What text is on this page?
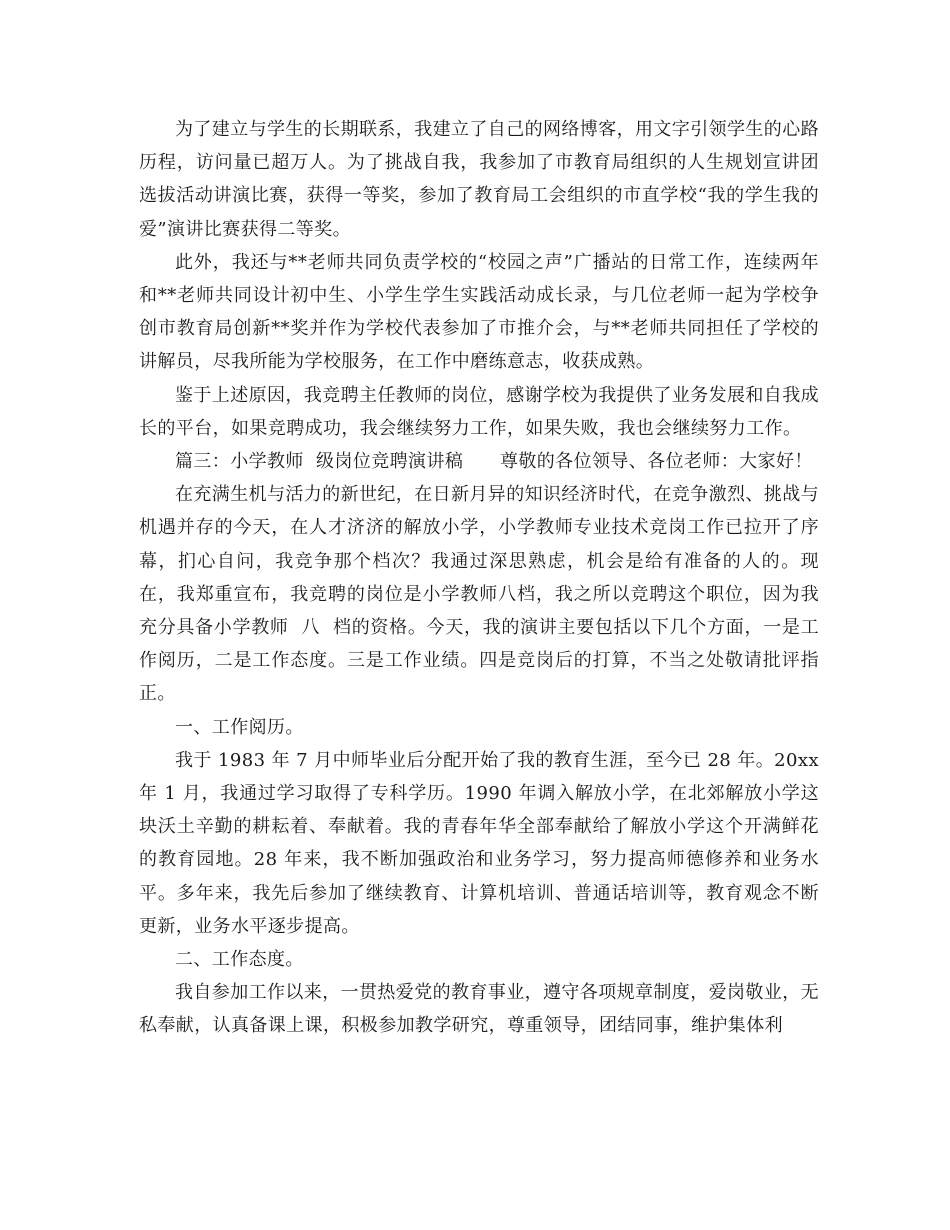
为了建立与学生的长期联系，我建立了自己的网络博客，用文字引领学生的心路历程，访问量已超万人。为了挑战自我，我参加了市教育局组织的人生规划宣讲团选拔活动讲演比赛，获得一等奖，参加了教育局工会组织的市直学校“我的学生我的爱”演讲比赛获得二等奖。

此外，我还与**老师共同负责学校的“校园之声”广播站的日常工作，连续两年和**老师共同设计初中生、小学生学生实践活动成长录，与几位老师一起为学校争创市教育局创新**奖并作为学校代表参加了市推介会，与**老师共同担任了学校的讲解员，尽我所能为学校服务，在工作中磨练意志，收获成熟。

鉴于上述原因，我竞聘主任教师的岗位，感谢学校为我提供了业务发展和自我成长的平台，如果竞聘成功，我会继续努力工作，如果失败，我也会继续努力工作。

篇三：小学教师  级岗位竞聘演讲稿      尊敬的各位领导、各位老师：大家好！

在充满生机与活力的新世纪，在日新月异的知识经济时代，在竞争激烈、挑战与机遇并存的今天，在人才济济的解放小学，小学教师专业技术竞岗工作已拉开了序幕，扪心自问，我竞争那个档次？我通过深思熟虑，机会是给有准备的人的。现在，我郑重宣布，我竞聘的岗位是小学教师八档，我之所以竞聘这个职位，因为我充分具备小学教师  八  档的资格。今天，我的演讲主要包括以下几个方面，一是工作阅历，二是工作态度。三是工作业绩。四是竞岗后的打算，不当之处敬请批评指正。

一、工作阅历。

我于 1983 年 7 月中师毕业后分配开始了我的教育生涯，至今已 28 年。20xx 年 1 月，我通过学习取得了专科学历。1990 年调入解放小学，在北郊解放小学这块沃土辛勤的耕耘着、奉献着。我的青春年华全部奉献给了解放小学这个开满鲜花的教育园地。28 年来，我不断加强政治和业务学习，努力提高师德修养和业务水平。多年来，我先后参加了继续教育、计算机培训、普通话培训等，教育观念不断更新，业务水平逐步提高。

二、工作态度。

我自参加工作以来，一贯热爱党的教育事业，遵守各项规章制度，爱岗敬业，无私奉献，认真备课上课，积极参加教学研究，尊重领导，团结同事，维护集体利
